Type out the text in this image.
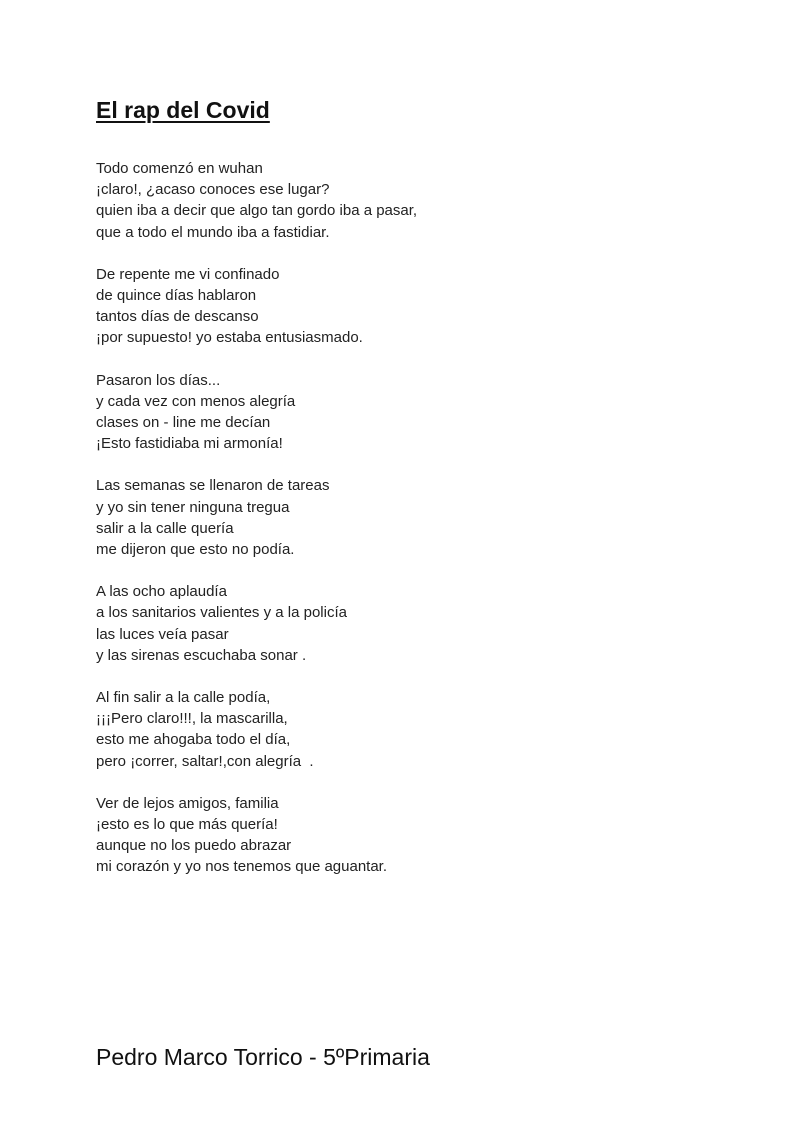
El rap del Covid
Todo comenzó en wuhan
¡claro!, ¿acaso conoces ese lugar?
quien iba a decir que algo tan gordo iba a pasar,
que a todo el mundo iba a fastidiar.
De repente me vi confinado
de quince días hablaron
tantos días de descanso
¡por supuesto! yo estaba entusiasmado.
Pasaron los días...
y cada vez con menos alegría
clases on - line me decían
¡Esto fastidiaba mi armonía!
Las semanas se llenaron de tareas
y yo sin tener ninguna tregua
salir a la calle quería
me dijeron que esto no podía.
A las ocho aplaudía
a los sanitarios valientes y a la policía
las luces veía pasar
y las sirenas escuchaba sonar .
Al fin salir a la calle podía,
¡¡¡Pero claro!!!, la mascarilla,
esto me ahogaba todo el día,
pero ¡correr, saltar!,con alegría  .
Ver de lejos amigos, familia
¡esto es lo que más quería!
aunque no los puedo abrazar
mi corazón y yo nos tenemos que aguantar.

Pedro Marco Torrico - 5ºPrimaria
